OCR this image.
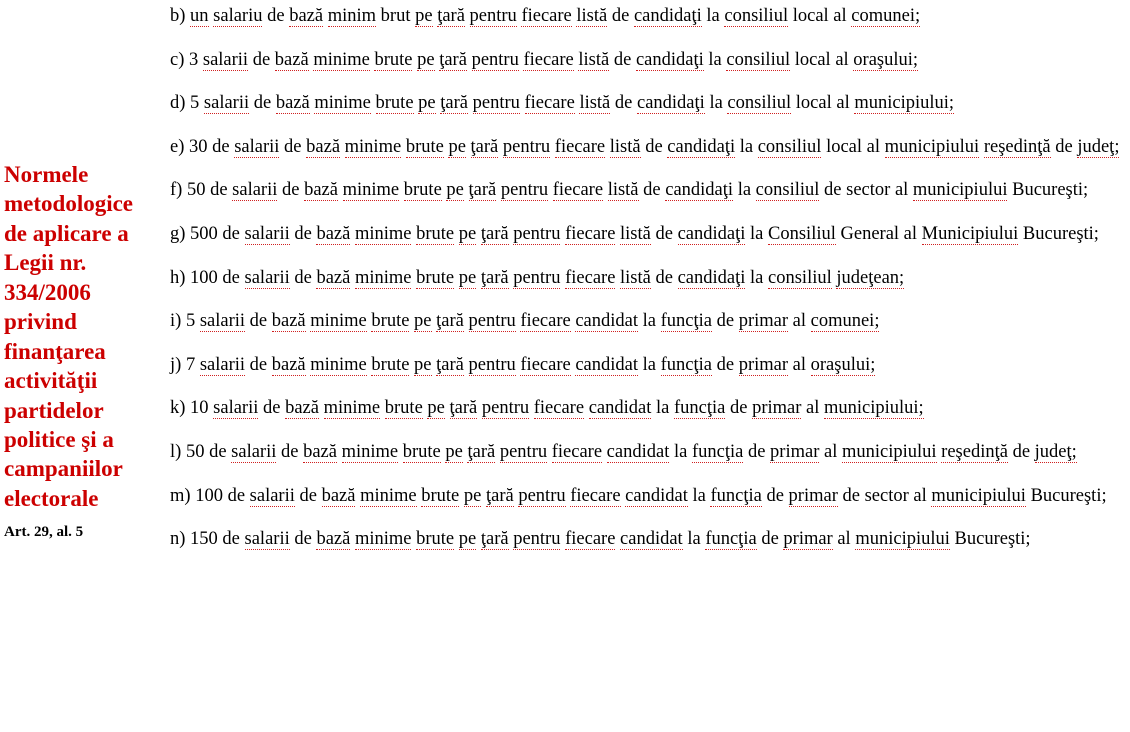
Normele metodologice de aplicare a Legii nr. 334/2006 privind finanţarea activităţii partidelor politice şi a campaniilor electorale
Art. 29, al. 5

b) un salariu de bază minim brut pe ţară pentru fiecare listă de candidaţi la consiliul local al comunei;

c) 3 salarii de bază minime brute pe ţară pentru fiecare listă de candidaţi la consiliul local al oraşului;

d) 5 salarii de bază minime brute pe ţară pentru fiecare listă de candidaţi la consiliul local al municipiului;

e) 30 de salarii de bază minime brute pe ţară pentru fiecare listă de candidaţi la consiliul local al municipiului reşedinţă de judeţ;

f) 50 de salarii de bază minime brute pe ţară pentru fiecare listă de candidaţi la consiliul de sector al municipiului Bucureşti;

g) 500 de salarii de bază minime brute pe ţară pentru fiecare listă de candidaţi la Consiliul General al Municipiului Bucureşti;

h) 100 de salarii de bază minime brute pe ţară pentru fiecare listă de candidaţi la consiliul judeţean;

i) 5 salarii de bază minime brute pe ţară pentru fiecare candidat la funcţia de primar al comunei;

j) 7 salarii de bază minime brute pe ţară pentru fiecare candidat la funcţia de primar al oraşului;

k) 10 salarii de bază minime brute pe ţară pentru fiecare candidat la funcţia de primar al municipiului;

l) 50 de salarii de bază minime brute pe ţară pentru fiecare candidat la funcţia de primar al municipiului reşedinţă de judeţ;

m) 100 de salarii de bază minime brute pe ţară pentru fiecare candidat la funcţia de primar de sector al municipiului Bucureşti;

n) 150 de salarii de bază minime brute pe ţară pentru fiecare candidat la funcţia de primar al municipiului Bucureşti;
